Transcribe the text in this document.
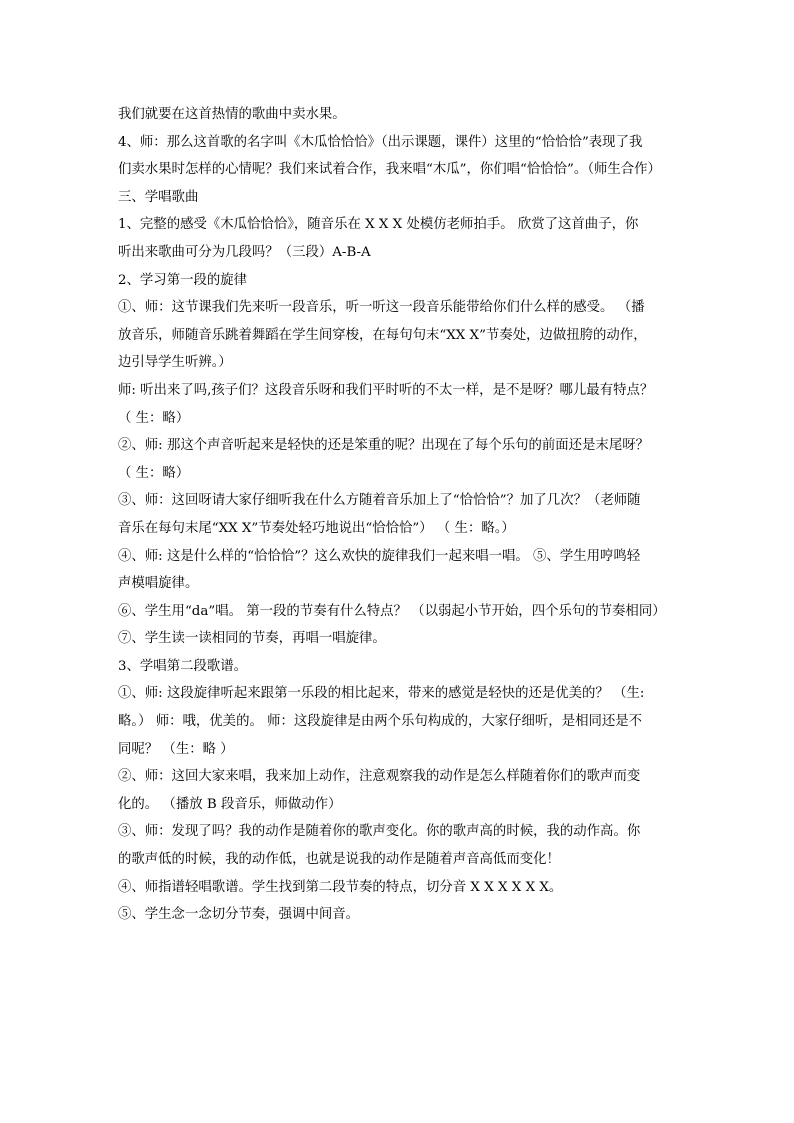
我们就要在这首热情的歌曲中卖水果。
4、师：那么这首歌的名字叫《木瓜恰恰恰》（出示课题，课件）这里的“恰恰恰”表现了我
们卖水果时怎样的心情呢？我们来试着合作，我来唱“木瓜”，你们唱“恰恰恰”。（师生合作）
三、学唱歌曲
1、完整的感受《木瓜恰恰恰》，随音乐在 X X X 处模仿老师拍手。 欣赏了这首曲子，你
听出来歌曲可分为几段吗？（三段）A-B-A
2、学习第一段的旋律
①、师：这节课我们先来听一段音乐，听一听这一段音乐能带给你们什么样的感受。 （播
放音乐，师随音乐跳着舞蹈在学生间穿梭，在每句句末“XX X”节奏处，边做扭胯的动作，
边引导学生听辨。）
师: 听出来了吗,孩子们？这段音乐呀和我们平时听的不太一样，是不是呀？哪儿最有特点？
（ 生：略）
②、师: 那这个声音听起来是轻快的还是笨重的呢？出现在了每个乐句的前面还是末尾呀？
（ 生：略）
③、师：这回呀请大家仔细听我在什么方随着音乐加上了“恰恰恰”？加了几次？（老师随
音乐在每句末尾“XX X”节奏处轻巧地说出“恰恰恰”） （ 生：略。）
④、师: 这是什么样的“恰恰恰”？这么欢快的旋律我们一起来唱一唱。 ⑤、学生用哼鸣轻
声模唱旋律。
⑥、学生用“da”唱。 第一段的节奏有什么特点？ （以弱起小节开始，四个乐句的节奏相同）
⑦、学生读一读相同的节奏，再唱一唱旋律。
3、学唱第二段歌谱。
①、师: 这段旋律听起来跟第一乐段的相比起来，带来的感觉是轻快的还是优美的？ （生:
略。） 师：哦，优美的。 师：这段旋律是由两个乐句构成的，大家仔细听，是相同还是不
同呢？ （生：略 ）
②、师：这回大家来唱，我来加上动作，注意观察我的动作是怎么样随着你们的歌声而变
化的。 （播放 B 段音乐，师做动作）
③、师：发现了吗？我的动作是随着你的歌声变化。你的歌声高的时候，我的动作高。你
的歌声低的时候，我的动作低，也就是说我的动作是随着声音高低而变化！
④、师指谱轻唱歌谱。学生找到第二段节奏的特点，切分音 X X X X X X。
⑤、学生念一念切分节奏，强调中间音。
